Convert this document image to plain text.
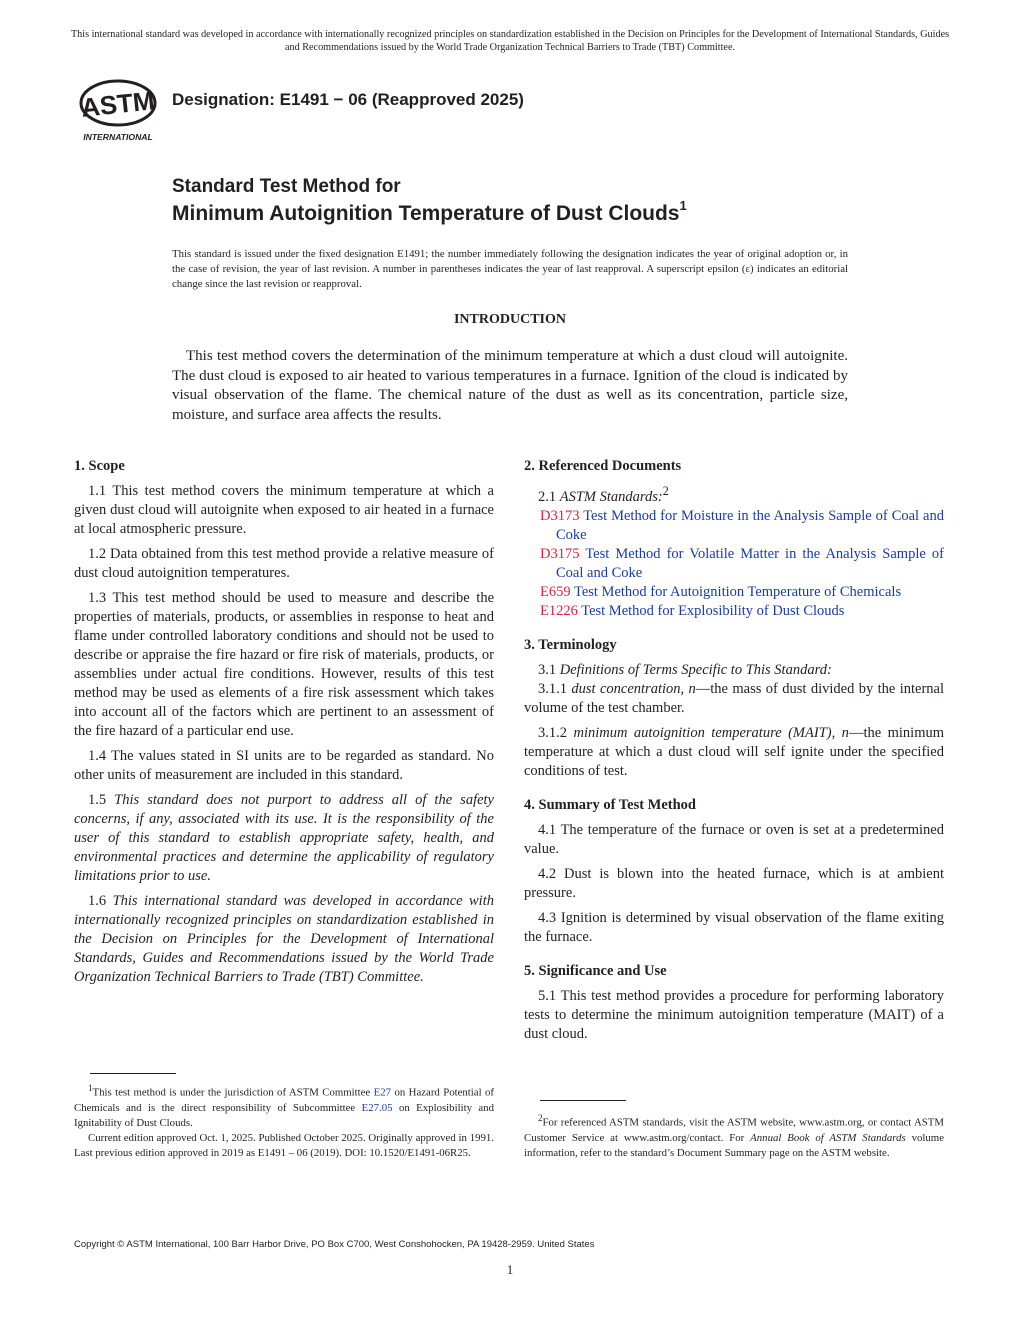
This international standard was developed in accordance with internationally recognized principles on standardization established in the Decision on Principles for the Development of International Standards, Guides and Recommendations issued by the World Trade Organization Technical Barriers to Trade (TBT) Committee.
ASTM
INTERNATIONAL
Designation: E1491 − 06 (Reapproved 2025)
Standard Test Method for
Minimum Autoignition Temperature of Dust Clouds$^1$
This standard is issued under the fixed designation E1491; the number immediately following the designation indicates the year of original adoption or, in the case of revision, the year of last revision. A number in parentheses indicates the year of last reapproval. A superscript epsilon (ε) indicates an editorial change since the last revision or reapproval.
INTRODUCTION
This test method covers the determination of the minimum temperature at which a dust cloud will autoignite. The dust cloud is exposed to air heated to various temperatures in a furnace. Ignition of the cloud is indicated by visual observation of the flame. The chemical nature of the dust as well as its concentration, particle size, moisture, and surface area affects the results.
1. Scope

1.1 This test method covers the minimum temperature at which a given dust cloud will autoignite when exposed to air heated in a furnace at local atmospheric pressure.

1.2 Data obtained from this test method provide a relative measure of dust cloud autoignition temperatures.

1.3 This test method should be used to measure and describe the properties of materials, products, or assemblies in response to heat and flame under controlled laboratory conditions and should not be used to describe or appraise the fire hazard or fire risk of materials, products, or assemblies under actual fire conditions. However, results of this test method may be used as elements of a fire risk assessment which takes into account all of the factors which are pertinent to an assessment of the fire hazard of a particular end use.

1.4 The values stated in SI units are to be regarded as standard. No other units of measurement are included in this standard.

1.5 This standard does not purport to address all of the safety concerns, if any, associated with its use. It is the responsibility of the user of this standard to establish appropriate safety, health, and environmental practices and determine the applicability of regulatory limitations prior to use.

1.6 This international standard was developed in accordance with internationally recognized principles on standardization established in the Decision on Principles for the Development of International Standards, Guides and Recommendations issued by the World Trade Organization Technical Barriers to Trade (TBT) Committee.

$^1$This test method is under the jurisdiction of ASTM Committee E27 on Hazard Potential of Chemicals and is the direct responsibility of Subcommittee E27.05 on Explosibility and Ignitability of Dust Clouds.

Current edition approved Oct. 1, 2025. Published October 2025. Originally approved in 1991. Last previous edition approved in 2019 as E1491 – 06 (2019). DOI: 10.1520/E1491-06R25.

2. Referenced Documents

2.1 ASTM Standards:$^2$

D3173 Test Method for Moisture in the Analysis Sample of Coal and Coke
D3175 Test Method for Volatile Matter in the Analysis Sample of Coal and Coke
E659 Test Method for Autoignition Temperature of Chemicals
E1226 Test Method for Explosibility of Dust Clouds
3. Terminology

3.1 Definitions of Terms Specific to This Standard:

3.1.1 dust concentration, n—the mass of dust divided by the internal volume of the test chamber.

3.1.2 minimum autoignition temperature (MAIT), n—the minimum temperature at which a dust cloud will self ignite under the specified conditions of test.

4. Summary of Test Method

4.1 The temperature of the furnace or oven is set at a predetermined value.

4.2 Dust is blown into the heated furnace, which is at ambient pressure.

4.3 Ignition is determined by visual observation of the flame exiting the furnace.

5. Significance and Use

5.1 This test method provides a procedure for performing laboratory tests to determine the minimum autoignition temperature (MAIT) of a dust cloud.

$^2$For referenced ASTM standards, visit the ASTM website, www.astm.org, or contact ASTM Customer Service at www.astm.org/contact. For Annual Book of ASTM Standards volume information, refer to the standard’s Document Summary page on the ASTM website.

Copyright © ASTM International, 100 Barr Harbor Drive, PO Box C700, West Conshohocken, PA 19428-2959. United States
1
